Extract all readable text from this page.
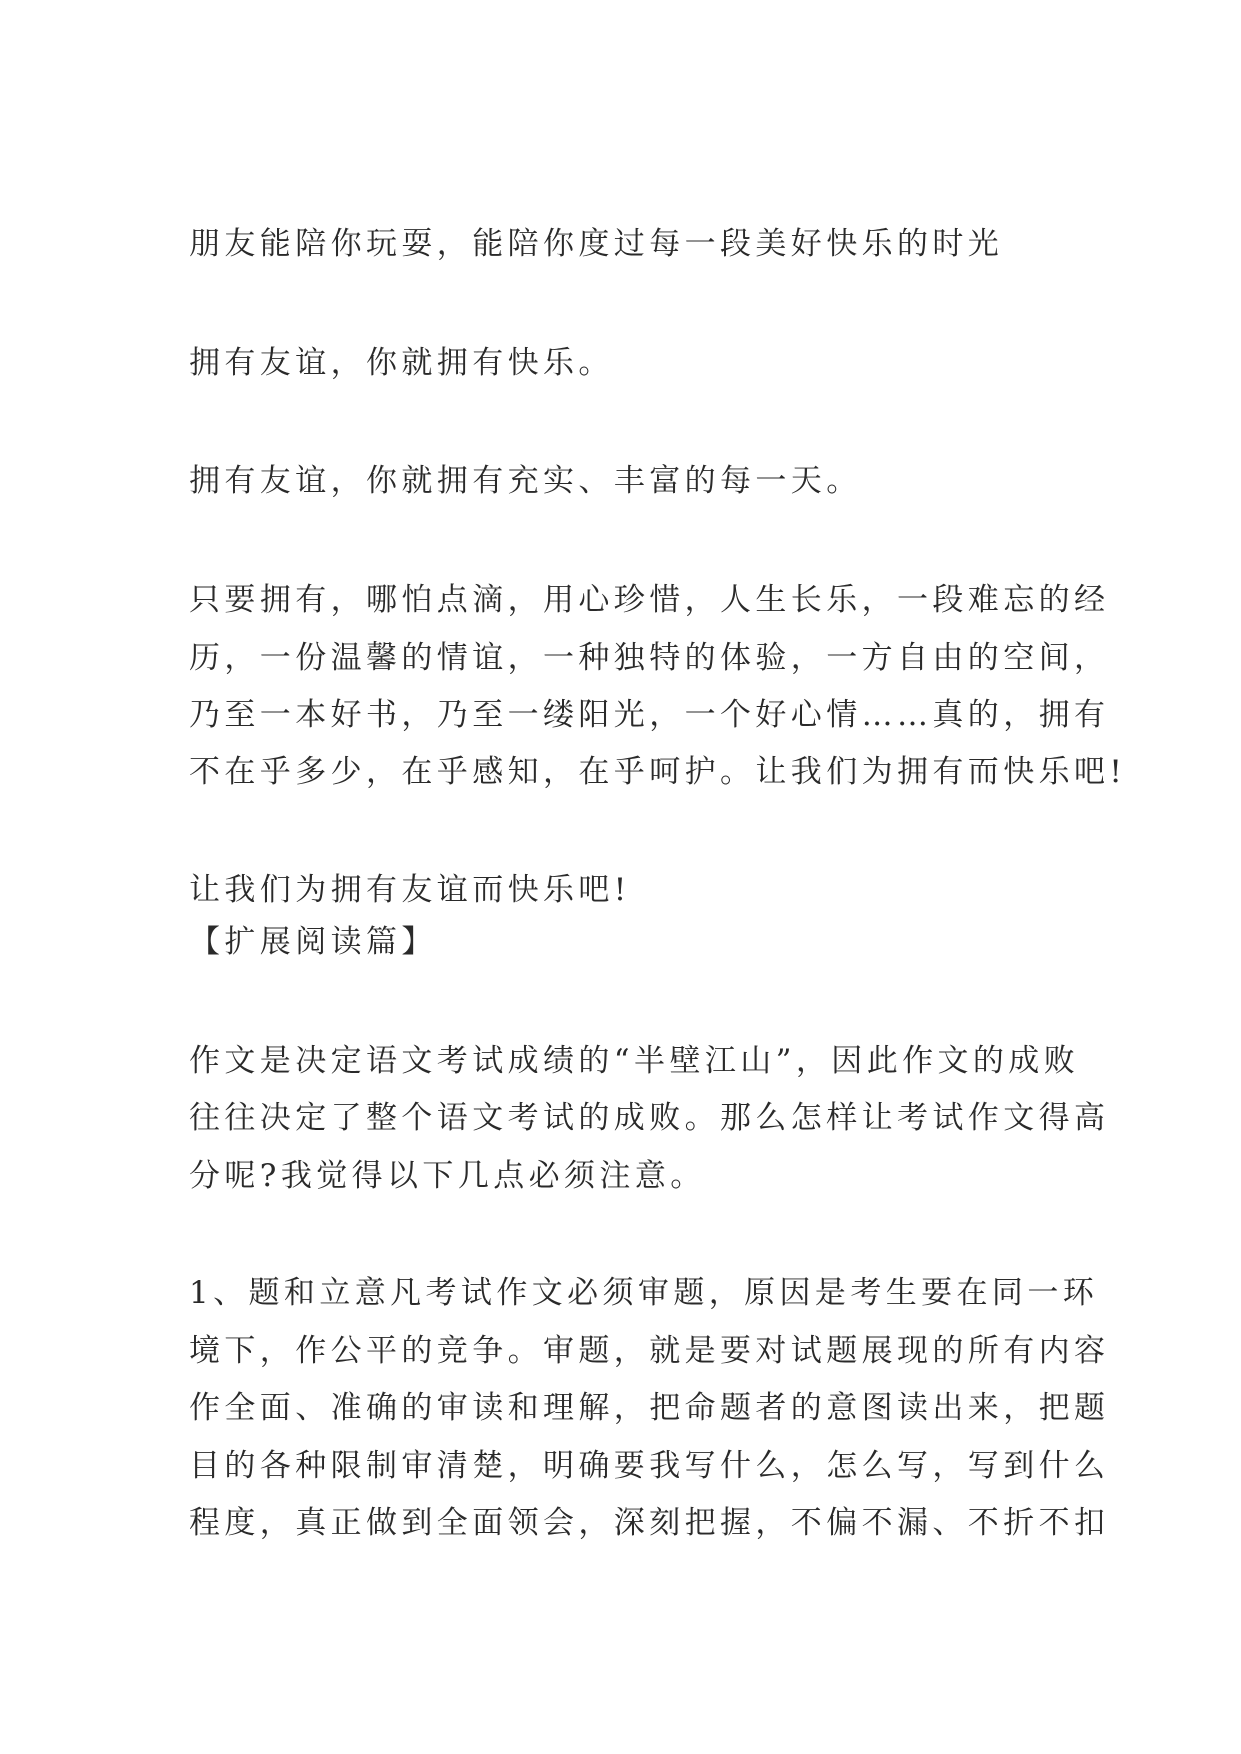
朋友能陪你玩耍，能陪你度过每一段美好快乐的时光
拥有友谊，你就拥有快乐。
拥有友谊，你就拥有充实、丰富的每一天。
只要拥有，哪怕点滴，用心珍惜，人生长乐，一段难忘的经
历，一份温馨的情谊，一种独特的体验，一方自由的空间，
乃至一本好书，乃至一缕阳光，一个好心情……真的，拥有
不在乎多少，在乎感知，在乎呵护。让我们为拥有而快乐吧!
让我们为拥有友谊而快乐吧!
【扩展阅读篇】
作文是决定语文考试成绩的“半壁江山”，因此作文的成败
往往决定了整个语文考试的成败。那么怎样让考试作文得高
分呢?我觉得以下几点必须注意。
1、题和立意凡考试作文必须审题，原因是考生要在同一环
境下，作公平的竞争。审题，就是要对试题展现的所有内容
作全面、准确的审读和理解，把命题者的意图读出来，把题
目的各种限制审清楚，明确要我写什么，怎么写，写到什么
程度，真正做到全面领会，深刻把握，不偏不漏、不折不扣
